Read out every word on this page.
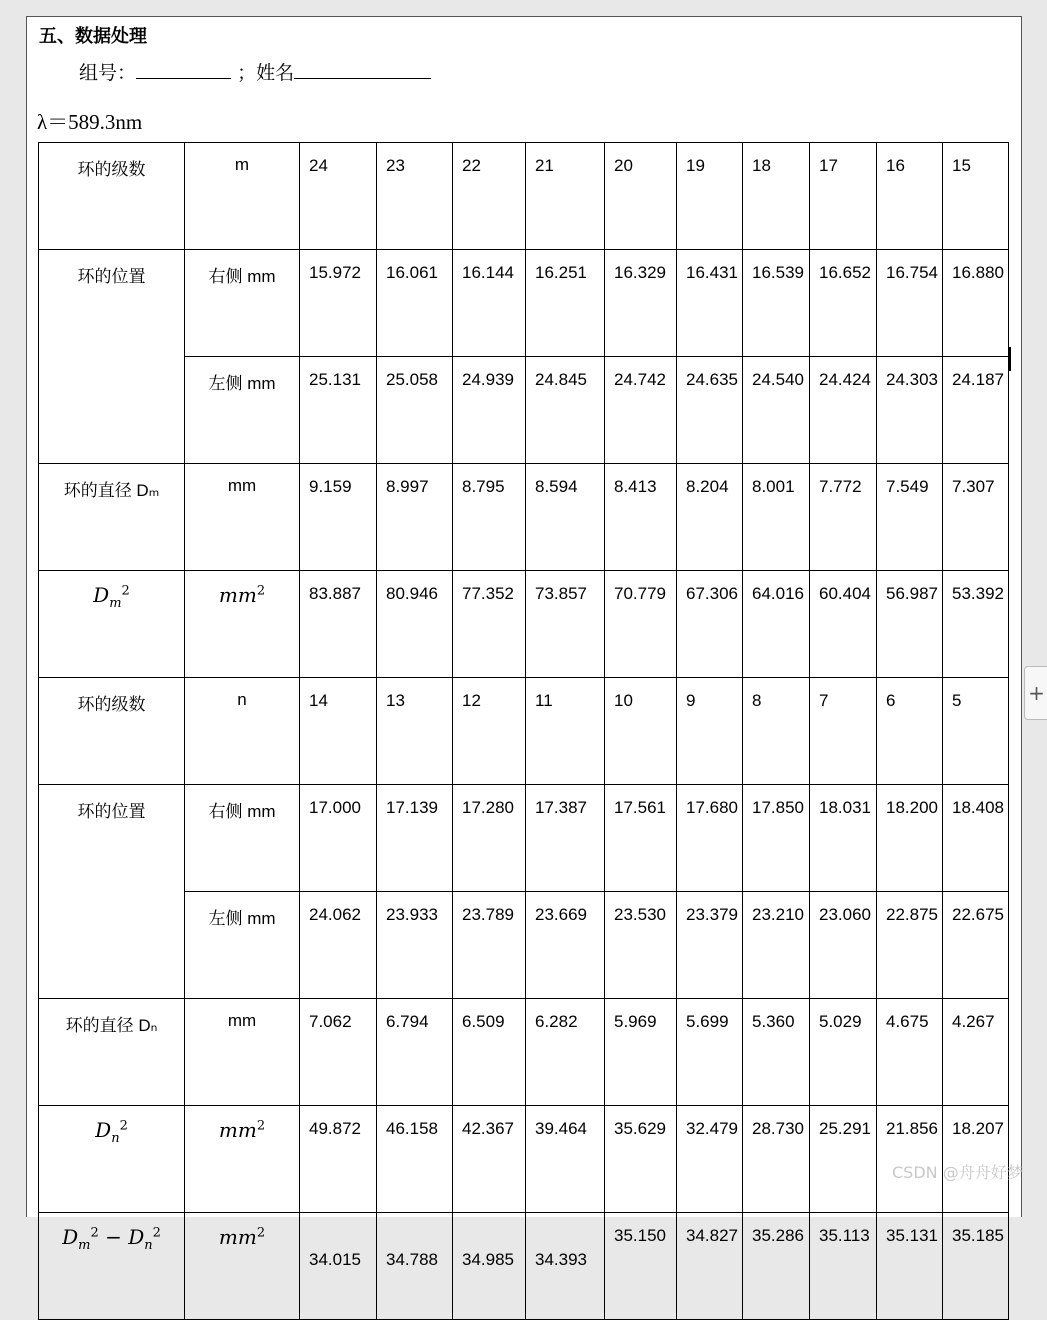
五、数据处理
组号：	；姓名
λ＝589.3nm
环的级数	m	24	23	22	21	20	19	18	17	16	15

环的位置	右侧 mm	15.972	16.061	16.144	16.251	16.329	16.431	16.539	16.652	16.754	16.880

	左侧 mm	25.131	25.058	24.939	24.845	24.742	24.635	24.540	24.424	24.303	24.187

环的直径 Dₘ	mm	9.159	8.997	8.795	8.594	8.413	8.204	8.001	7.772	7.549	7.307

$D_m^2$	$mm^2$	83.887	80.946	77.352	73.857	70.779	67.306	64.016	60.404	56.987	53.392

环的级数	n	14	13	12	11	10	9	8	7	6	5

环的位置	右侧 mm	17.000	17.139	17.280	17.387	17.561	17.680	17.850	18.031	18.200	18.408

	左侧 mm	24.062	23.933	23.789	23.669	23.530	23.379	23.210	23.060	22.875	22.675

环的直径 Dₙ	mm	7.062	6.794	6.509	6.282	5.969	5.699	5.360	5.029	4.675	4.267

$D_n^2$	$mm^2$	49.872	46.158	42.367	39.464	35.629	32.479	28.730	25.291	21.856	18.207

$D_m^2 - D_n^2$	$mm^2$	34.015	34.788	34.985	34.393	35.150	34.827	35.286	35.113	35.131	35.185
+
CSDN @舟舟好梦
